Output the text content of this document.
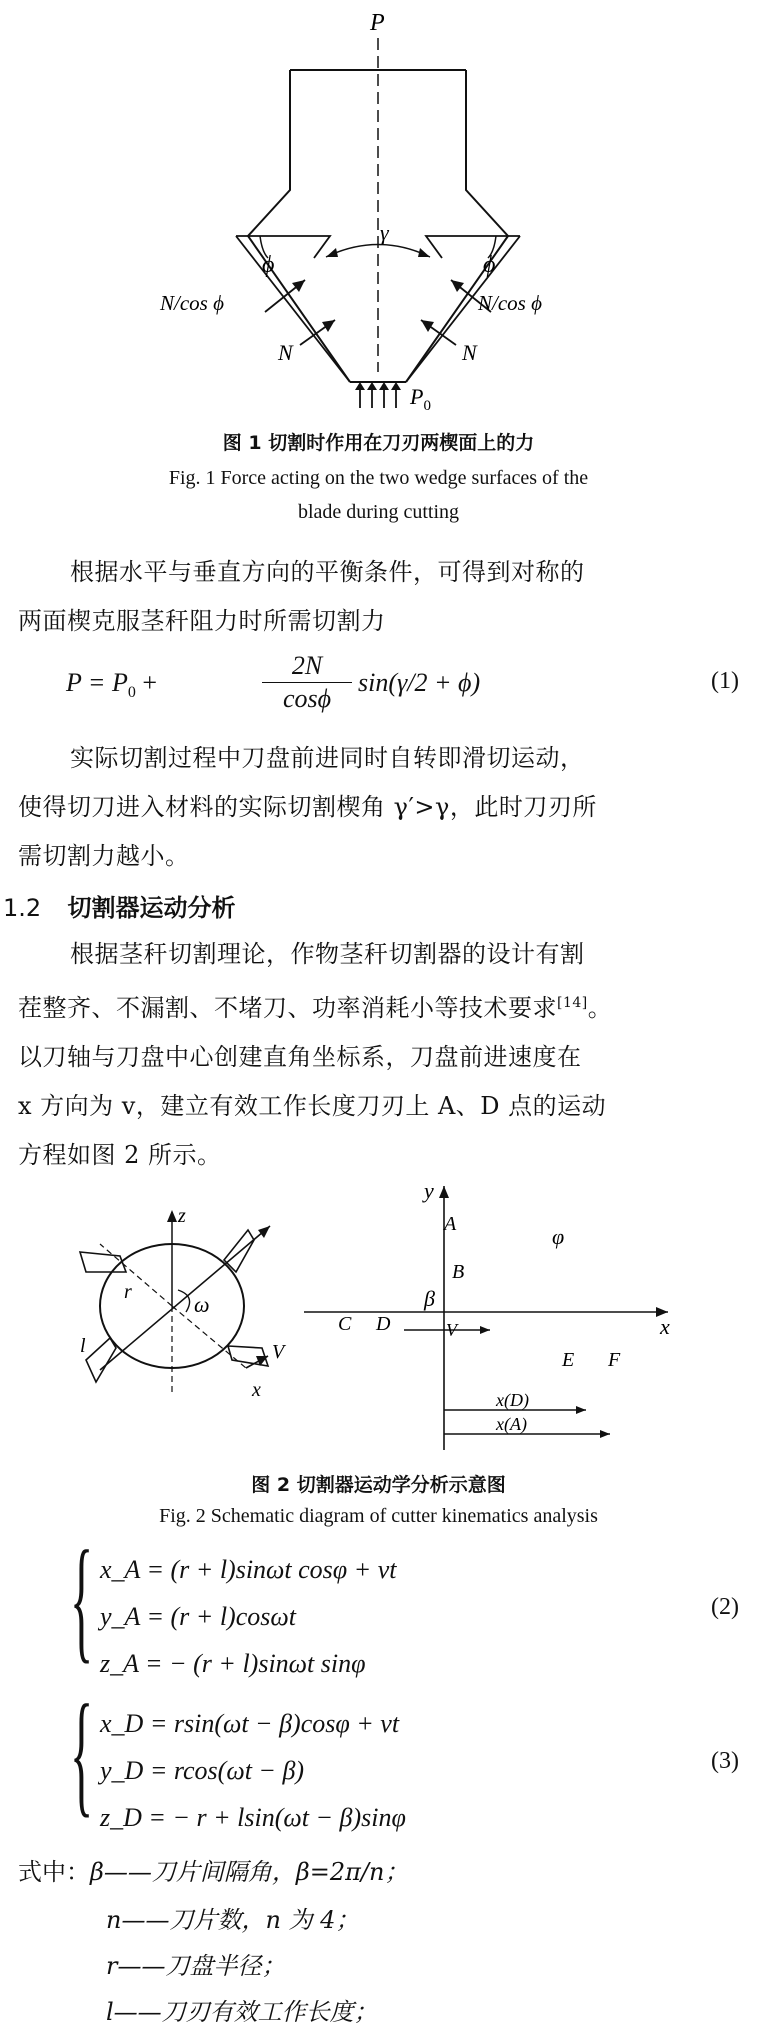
P
γ
ϕ	ϕ
N/cos ϕ	N/cos ϕ
N	N
$P_0$
图 1 切割时作用在刀刃两楔面上的力
Fig. 1 Force acting on the two wedge surfaces of the
blade during cutting
根据水平与垂直方向的平衡条件，可得到对称的
两面楔克服茎秆阻力时所需切割力
$P = P_0$ +
2N
cosϕ
sin(γ/2 + ϕ)	(1)
实际切割过程中刀盘前进同时自转即滑切运动，
使得切刀进入材料的实际切割楔角 γ′>γ，此时刀刃所
需切割力越小。
1.2 切割器运动分析
根据茎秆切割理论，作物茎秆切割器的设计有割
茬整齐、不漏割、不堵刀、功率消耗小等技术要求[14]。
以刀轴与刀盘中心创建直角坐标系，刀盘前进速度在
x 方向为 v，建立有效工作长度刀刃上 A、D 点的运动
方程如图 2 所示。
z
ω
r
l	V
x
y
A
B
φ
β
C D	V	x
E F
x(D)
x(A)
图 2 切割器运动学分析示意图
Fig. 2 Schematic diagram of cutter kinematics analysis
{ x_A = (r + l)sinωt cosφ + vt
y_A = (r + l)cosωt
z_A = − (r + l)sinωt sinφ
(2)
{ x_D = rsin(ωt − β)cosφ + vt
y_D = rcos(ωt − β)
z_D = − r + lsin(ωt − β)sinφ
(3)
式中：β——刀片间隔角，β=2π/n；
n——刀片数，n 为 4；
r——刀盘半径；
l——刀刃有效工作长度；
